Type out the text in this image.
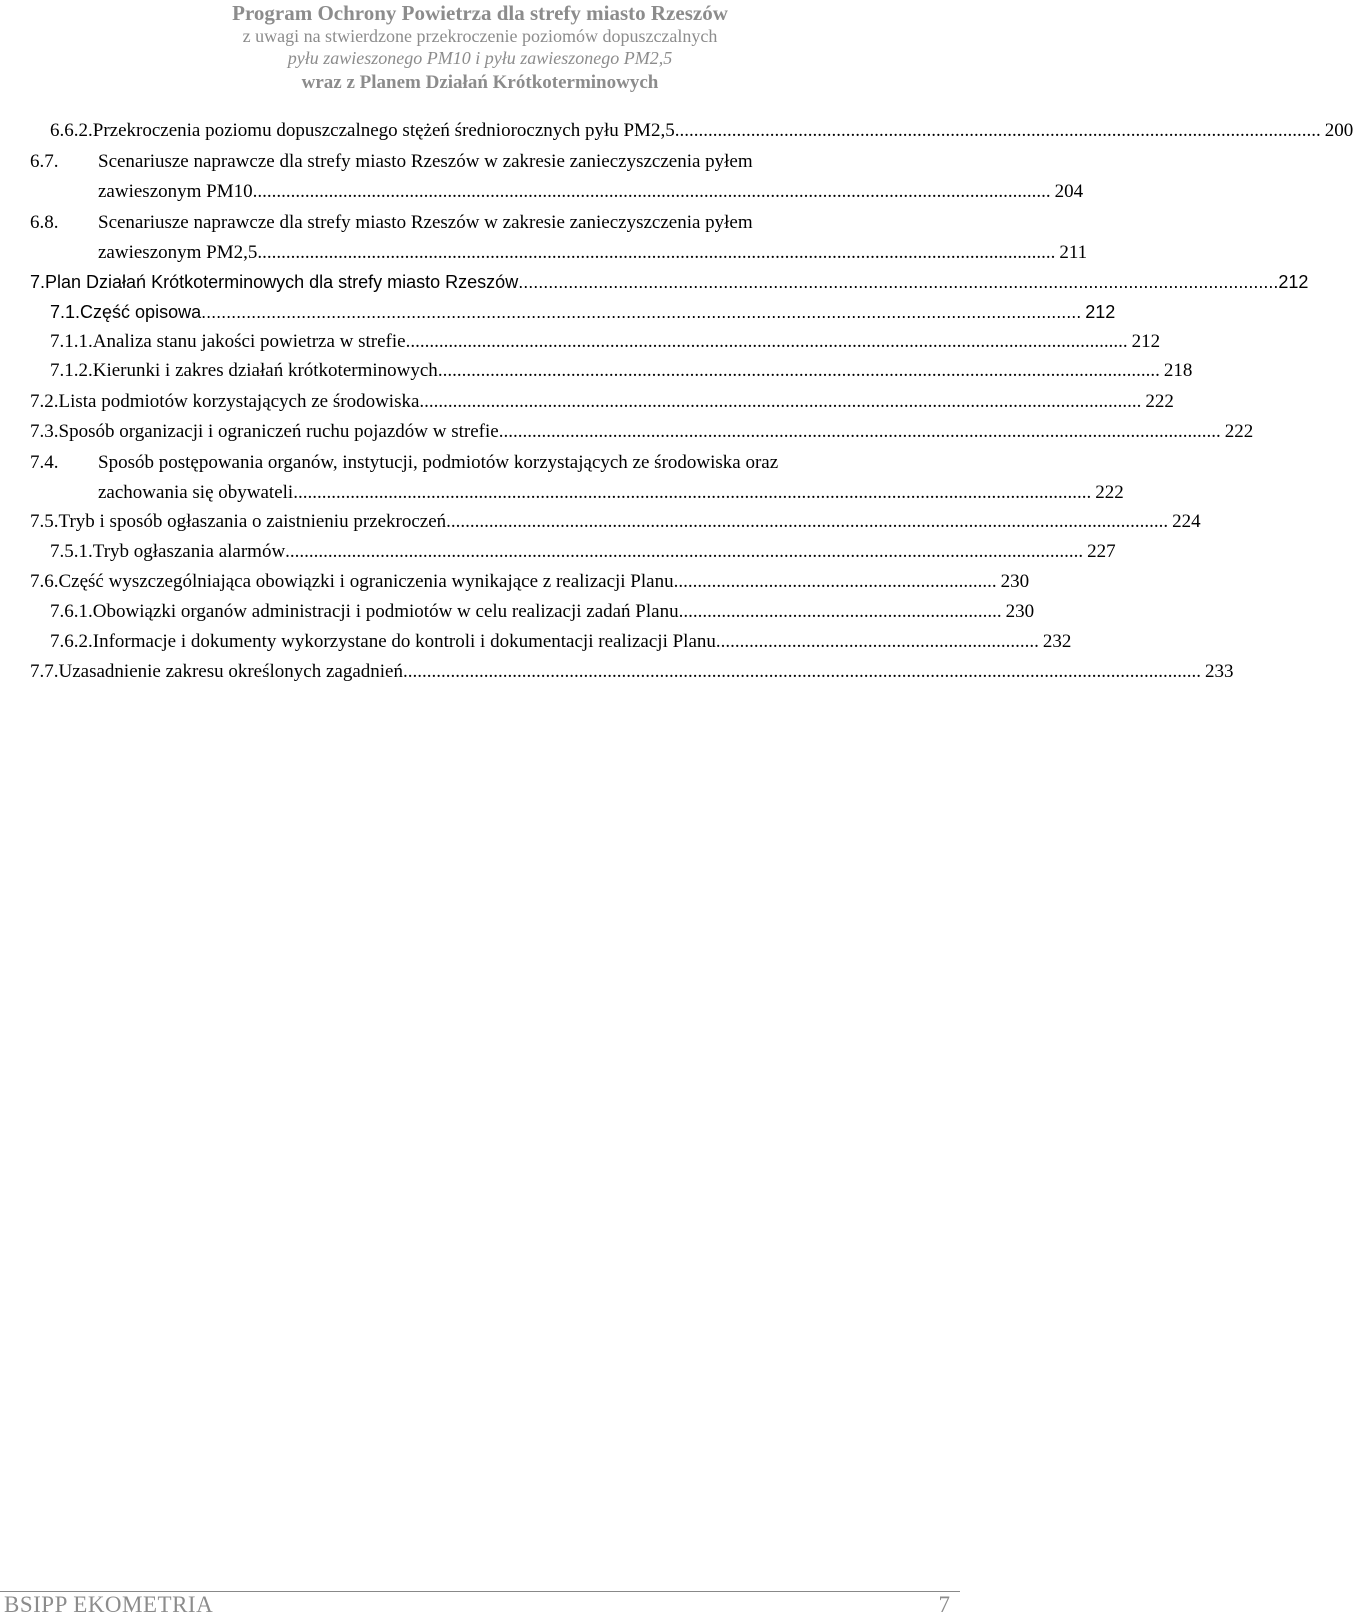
Program Ochrony Powietrza dla strefy miasto Rzeszów
z uwagi na stwierdzone przekroczenie poziomów dopuszczalnych
pyłu zawieszonego PM10 i pyłu zawieszonego PM2,5
wraz z Planem Działań Krótkoterminowych
6.6.2. Przekroczenia poziomu dopuszczalnego stężeń średniorocznych pyłu PM2,5 ........................................................................................................................................ 200
6.7.	Scenariusze naprawcze dla strefy miasto Rzeszów w zakresie zanieczyszczenia pyłem
zawieszonym PM10 ........................................................................................................................................................................ 204
6.8.	Scenariusze naprawcze dla strefy miasto Rzeszów w zakresie zanieczyszczenia pyłem
zawieszonym PM2,5 ........................................................................................................................................................................ 211
7. Plan Działań Krótkoterminowych dla strefy miasto Rzeszów ........................................................................................................................................................ 212
7.1. Część opisowa ................................................................................................................................................................................ 212
7.1.1. Analiza stanu jakości powietrza w strefie ........................................................................................................................................................ 212
7.1.2. Kierunki i zakres działań krótkoterminowych ........................................................................................................................................................ 218
7.2. Lista podmiotów korzystających ze środowiska ........................................................................................................................................................ 222
7.3. Sposób organizacji i ograniczeń ruchu pojazdów w strefie ........................................................................................................................................................ 222
7.4.	Sposób postępowania organów, instytucji, podmiotów korzystających ze środowiska oraz
zachowania się obywateli ........................................................................................................................................................................ 222
7.5. Tryb i sposób ogłaszania o zaistnieniu przekroczeń ........................................................................................................................................................ 224
7.5.1. Tryb ogłaszania alarmów ........................................................................................................................................................................ 227
7.6. Część wyszczególniająca obowiązki i ograniczenia wynikające z realizacji Planu .................................................................... 230
7.6.1. Obowiązki organów administracji i podmiotów w celu realizacji zadań Planu .................................................................... 230
7.6.2. Informacje i dokumenty wykorzystane do kontroli i dokumentacji realizacji Planu .................................................................... 232
7.7. Uzasadnienie zakresu określonych zagadnień ........................................................................................................................................................................ 233
BSIPP EKOMETRIA	7
